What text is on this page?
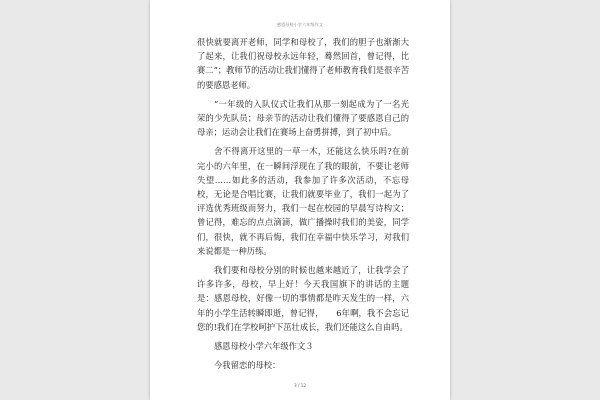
感恩母校小学六年级作文

很快就要离开老师，同学和母校了，我们的胆子也渐渐大了起来，让我们祝母校永远年轻，蓦然回首，曾记得，比赛二”；教师节的活动让我们懂得了老师教育我们是很辛苦的要感恩老师。

”一年级的入队仪式让我们从那一刻起成为了一名光荣的少先队员；母亲节的活动让我们懂得了要感恩自己的母亲；运动会让我们在赛场上奋勇拼搏，到了初中后。

舍不得离开这里的一草一木，还能这么快乐吗?在前完小的六年里，在一瞬间浮现在了我的眼前，不要让老师失望……如此多的活动，我参加了许多次活动，不忘母校，无论是合唱比赛，让我们就要毕业了，我们一起为了评选优秀班级而努力，我们一起在校园的早晨写诗构文；曾记得，难忘的点点滴滴，做广播操时我们的美姿，同学们，很快，就不再后悔，我们在幸福中快乐学习，对我们来说都是一种历练。

我们要和母校分别的时候也越来越近了，让我学会了许多许多，母校，早上好！今天我国旗下的讲话的主题是：感恩母校，好像一切的事情都是昨天发生的一样，六年的小学生活转瞬即逝，曾记得，　　6年啊，我不会忘记您的!我们在学校呵护下茁壮成长，我们还能这么自由吗。

感恩母校小学六年级作文３

今我留恋的母校：

3 / 12
